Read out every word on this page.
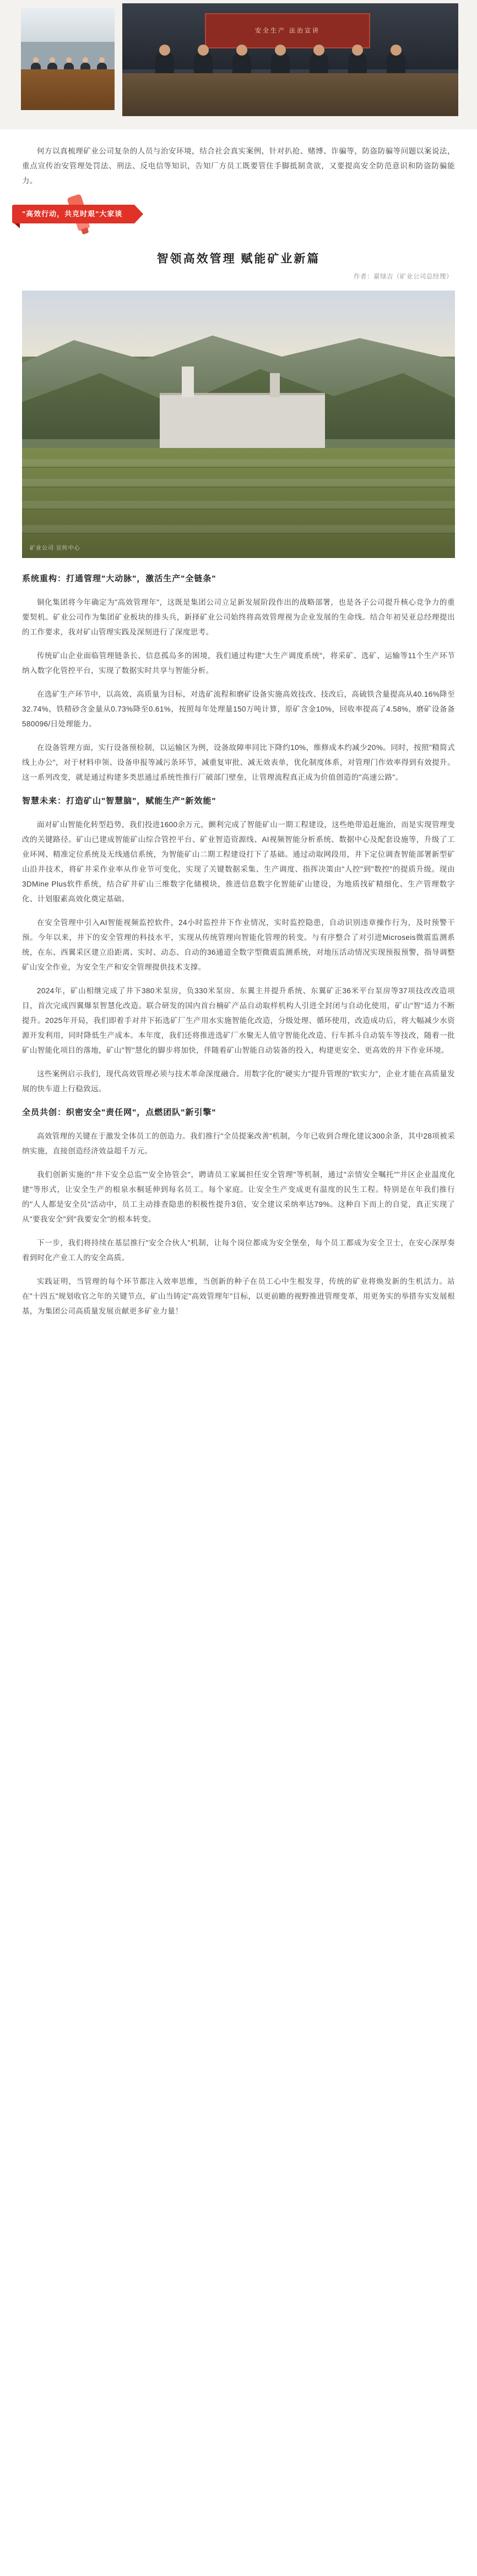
安全生产 法治宣讲

何方以真梳理矿业公司复杂的人员与治安环境，结合社会真实案例，针对扒抢、赌博、诈骗等，防盗防骗等问题以案说法，重点宣传治安管理处罚法、刑法、反电信等知识，告知厂方员工既要管住手脚抵制贪欲，又要提高安全防范意识和防盗防骗能力。

"高效行动，共克时艰"大家谈
智领高效管理 赋能矿业新篇
作者：翟绿吉（矿业公司总经理）
矿业公司 宣传中心

系统重构：打通管理"大动脉"，激活生产"全链条"

铜化集团将今年确定为"高效管理年"，这既是集团公司立足新发展阶段作出的战略部署，也是各子公司提升核心竞争力的重要契机。矿业公司作为集团矿业板块的排头兵，新择矿业公司始终将高效管理视为企业发展的生命线。结合年初吴亚总经理提出的工作要求，我对矿山管理实践及深刻进行了深度思考。

传统矿山企业面临管理链条长、信息孤岛多的困境，我们通过构建"大生产调度系统"，将采矿、选矿、运输等11个生产环节纳入数字化管控平台，实现了数据实时共享与智能分析。

在选矿生产环节中，以高效、高质量为目标，对选矿流程和磨矿设备实施高效技改、技改后，高硫铁含量提高从40.16%降至32.74%，铁精砂含金量从0.73%降至0.61%，按照每年处理量150万吨计算，原矿含金10%，回收率提高了4.58%，磨矿设备备580096/日处理能力。

在设备管理方面，实行设备预检制，以运输区为例，设备故障率同比下降约10%，维修成本约减少20%。同时，按照"精简式线上办公"，对于材料申领、设备申报等减污条环节，减重复审批、减无效表单，优化制度体系，对管理门作效率得到有效提升。这一系列改变，就是通过构建多类思通过系统性推行厂破部门壁垒，让管理流程真正成为价值创造的"高速公路"。

智慧未来：打造矿山"智慧脑"，赋能生产"新效能"

面对矿山智能化转型趋势，我们投进1600余万元，颤利完成了智能矿山一期工程建设，这些绝带追赶施治，而是实现管理变改的关键路径。矿山已建成智能矿山综合管控平台、矿业智造资源线、AI视频智能分析系统、数据中心及配套设施等，升级了工业环网、精准定位系统及无线通信系统，为智能矿山二期工程建设打下了基础。通过动取网段用，井下定位调查智能部署新型矿山沿井技术，将矿井采作业率从作业节可变化，实现了关键数据采集、生产调度、指挥决策由"人控"到"数控"的提质升级。现由3DMine Plus软件系统，结合矿井矿山三维数字化储模块，推进信息数字化智能矿山建设，为地质找矿精细化、生产管理数字化、计划服素高效化奠定基础。

在安全管理中引入AI智能视频监控软件，24小时监控井下作业情况，实时监控隐患，自动识别违章操作行为，及时预警干预。今年以来，井下的安全管理的科技水平，实现从传统管理向智能化管理的转变。与有序整合了对引进Microseis微震监测系统，在东、西翼采区建立沿距离、实时、动态、自动的36通道全数字型微震监测系统，对地压活动情况实现预报预警，指导调整矿山安全作业，为安全生产和安全管理提供技术支撑。

2024年，矿山相继完成了井下380米泵房，负330米泵房、东翼主井提升系统、东翼矿正36米平台泵房等37项技改改造项目，首次完成四翼爆泵智慧化改造。联合研发的国内首台楠矿产品自动取样机构人引进全封闭与自动化使用，矿山"智"适力不断提升。2025年开局，我们即着手对井下拓选矿厂生产用水实施智能化改造，分级处理、循环使用，改造成功后，将大幅减少水资源开发利用，同时降低生产成本。本年度，我们还将推进选矿厂水聚无人值守智能化改造、行车抓斗自动装车等技改，随着一批矿山智能化项目的落地，矿山"智"慧化的脚步将加快，伴随着矿山智能自动装备的投入，构建更安全、更高效的井下作业环境。

这些案例启示我们，现代高效管理必须与技术革命深度融合。用数字化的"硬实力"提升管理的"软实力"，企业才能在高质量发展的快车道上行稳致远。

全员共创：织密安全"责任网"，点燃团队"新引擎"

高效管理的关键在于激发全体员工的创造力。我们推行"全员提案改善"机制，今年已收到合理化建议300余条，其中28项被采纳实施，直接创造经济效益超千万元。

我们创新实施的"井下安全总监""安全协管会"，聘请员工家属担任安全管理"等机制，通过"亲情安全嘱托""井区企业温度化建"等形式，让安全生产的根泉水桐延伸到每名员工。每个家庭。让安全生产变成更有温度的民生工程。特别是在年我们推行的"人人都是安全员"活动中，员工主动排查隐患的积极性提升3倍，安全建议采纳率达79%。这种自下而上的自觉，真正实现了从"要我安全"到"我要安全"的根本转变。

下一步，我们将持续在基层推行"安全合伙人"机制，让每个岗位都成为安全堡垒，每个员工都成为安全卫士，在安心深厚奏着到时化产业工人的安全高质。

实践证明，当管理的每个环节都注入效率思维，当创新的种子在员工心中生根发芽，传统的矿业将焕发新的生机活力。站在"十四五"规划收官之年的关键节点，矿山当铸定"高效管理年"目标，以更前瞻的视野推进管理变革，用更务实的举措夯实发展根基，为集团公司高质量发展贡献更多矿业力量！
